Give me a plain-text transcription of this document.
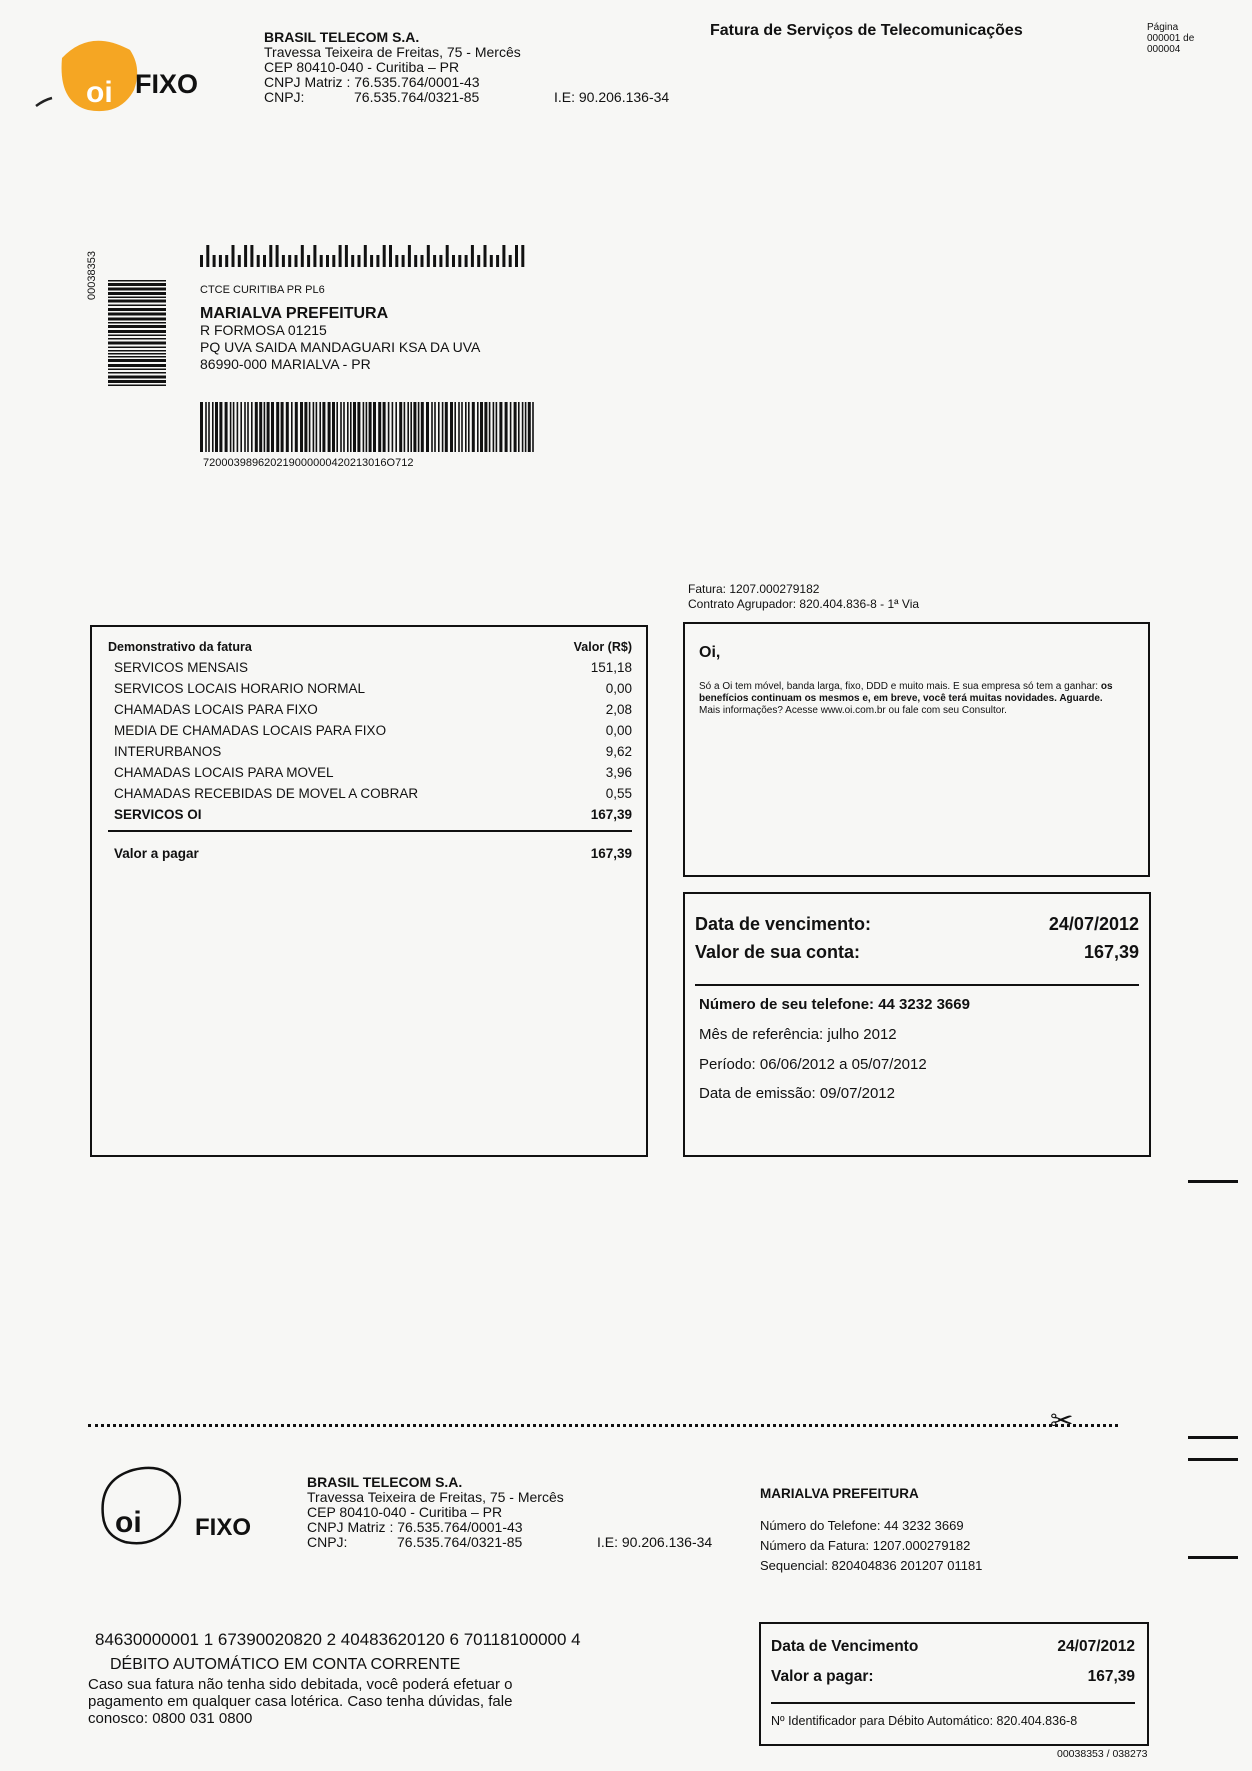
oi FIXO
BRASIL TELECOM S.A.
Travessa Teixeira de Freitas, 75 - Mercês
CEP 80410-040 - Curitiba – PR
CNPJ Matriz : 76.535.764/0001-43
CNPJ:	76.535.764/0321-85	I.E: 90.206.136-34
Fatura de Serviços de Telecomunicações	Página
000001 de
000004
00038353	CTCE CURITIBA PR PL6
MARIALVA PREFEITURA
R FORMOSA 01215
PQ UVA SAIDA MANDAGUARI KSA DA UVA
86990-000 MARIALVA - PR
720003989620219000000420213016O712
Fatura: 1207.000279182
Contrato Agrupador: 820.404.836-8 - 1ª Via
Demonstrativo da fatura	Valor (R$)
SERVICOS MENSAIS	151,18
SERVICOS LOCAIS HORARIO NORMAL	0,00
CHAMADAS LOCAIS PARA FIXO	2,08
MEDIA DE CHAMADAS LOCAIS PARA FIXO	0,00
INTERURBANOS	9,62
CHAMADAS LOCAIS PARA MOVEL	3,96
CHAMADAS RECEBIDAS DE MOVEL A COBRAR	0,55
SERVICOS OI	167,39
Valor a pagar	167,39
Oi,
Só a Oi tem móvel, banda larga, fixo, DDD e muito mais. E sua empresa só tem a ganhar: os benefícios continuam os mesmos e, em breve, você terá muitas novidades. Aguarde.
Mais informações? Acesse www.oi.com.br ou fale com seu Consultor.
Data de vencimento:	24/07/2012
Valor de sua conta:	167,39
Número de seu telefone: 44 3232 3669
Mês de referência: julho 2012
Período: 06/06/2012 a 05/07/2012
Data de emissão: 09/07/2012
✂
oi FIXO
BRASIL TELECOM S.A.
Travessa Teixeira de Freitas, 75 - Mercês
CEP 80410-040 - Curitiba – PR
CNPJ Matriz : 76.535.764/0001-43
CNPJ:	76.535.764/0321-85	I.E: 90.206.136-34
MARIALVA PREFEITURA
Número do Telefone: 44 3232 3669
Número da Fatura: 1207.000279182
Sequencial: 820404836 201207 01181
84630000001 1 67390020820 2 40483620120 6 70118100000 4
DÉBITO AUTOMÁTICO EM CONTA CORRENTE
Caso sua fatura não tenha sido debitada, você poderá efetuar o pagamento em qualquer casa lotérica. Caso tenha dúvidas, fale conosco: 0800 031 0800
Data de Vencimento	24/07/2012
Valor a pagar:	167,39
Nº Identificador para Débito Automático: 820.404.836-8
00038353 / 038273
